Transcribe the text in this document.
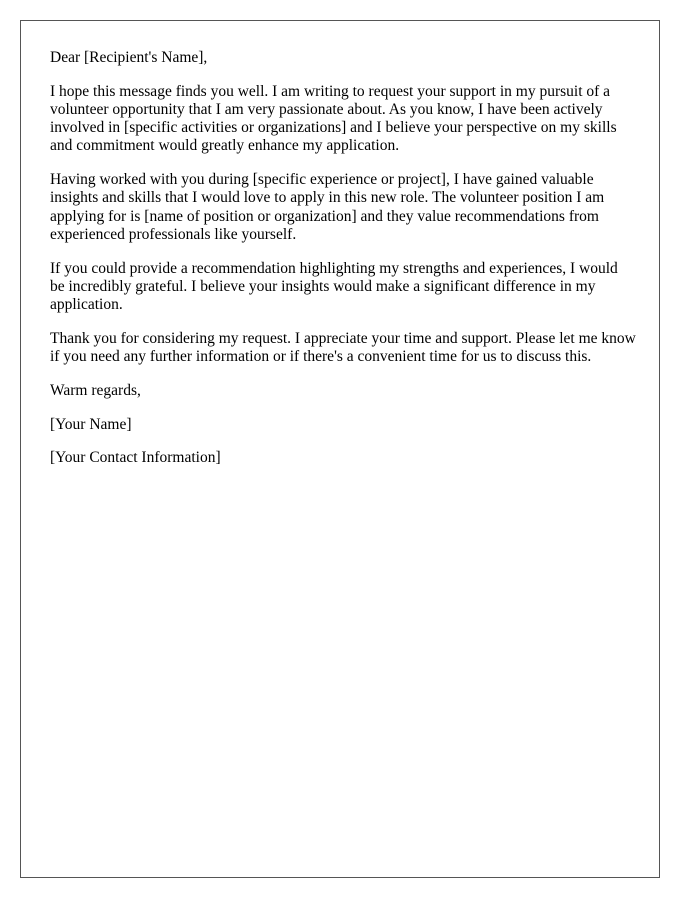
Dear [Recipient's Name],

I hope this message finds you well. I am writing to request your support in my pursuit of a volunteer opportunity that I am very passionate about. As you know, I have been actively involved in [specific activities or organizations] and I believe your perspective on my skills and commitment would greatly enhance my application.

Having worked with you during [specific experience or project], I have gained valuable insights and skills that I would love to apply in this new role. The volunteer position I am applying for is [name of position or organization] and they value recommendations from experienced professionals like yourself.

If you could provide a recommendation highlighting my strengths and experiences, I would be incredibly grateful. I believe your insights would make a significant difference in my application.

Thank you for considering my request. I appreciate your time and support. Please let me know if you need any further information or if there's a convenient time for us to discuss this.

Warm regards,

[Your Name]

[Your Contact Information]
